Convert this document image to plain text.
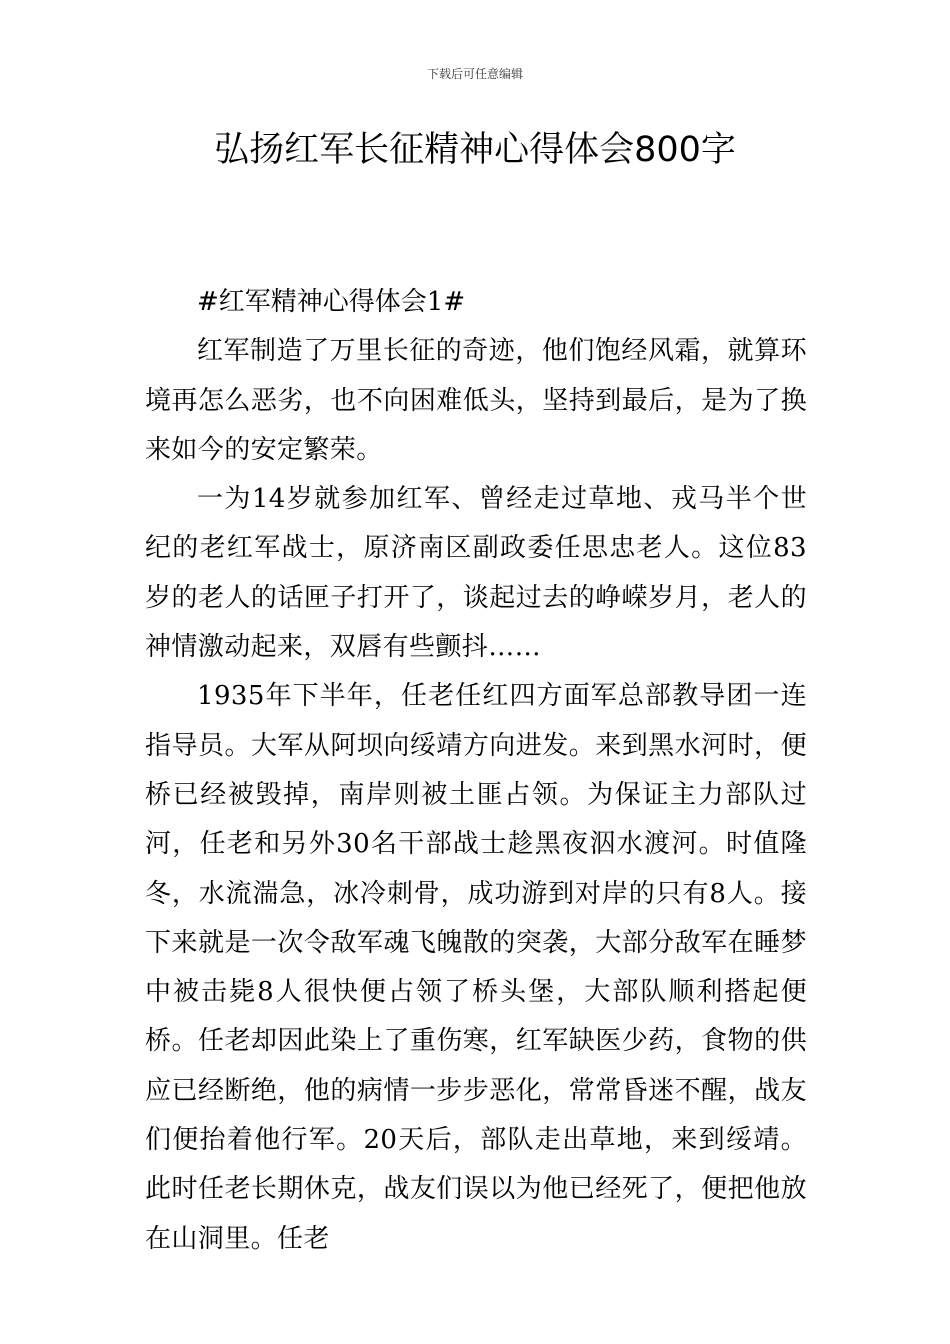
下载后可任意编辑
弘扬红军长征精神心得体会800字

#红军精神心得体会1#

红军制造了万里长征的奇迹，他们饱经风霜，就算环境再怎么恶劣，也不向困难低头，坚持到最后，是为了换来如今的安定繁荣。

一为14岁就参加红军、曾经走过草地、戎马半个世纪的老红军战士，原济南区副政委任思忠老人。这位83岁的老人的话匣子打开了，谈起过去的峥嵘岁月，老人的神情激动起来，双唇有些颤抖……

1935年下半年，任老任红四方面军总部教导团一连指导员。大军从阿坝向绥靖方向进发。来到黑水河时，便桥已经被毁掉，南岸则被土匪占领。为保证主力部队过河，任老和另外30名干部战士趁黑夜泅水渡河。时值隆冬，水流湍急，冰冷刺骨，成功游到对岸的只有8人。接下来就是一次令敌军魂飞魄散的突袭，大部分敌军在睡梦中被击毙8人很快便占领了桥头堡，大部队顺利搭起便桥。任老却因此染上了重伤寒，红军缺医少药，食物的供应已经断绝，他的病情一步步恶化，常常昏迷不醒，战友们便抬着他行军。20天后，部队走出草地，来到绥靖。此时任老长期休克，战友们误以为他已经死了，便把他放在山洞里。任老
